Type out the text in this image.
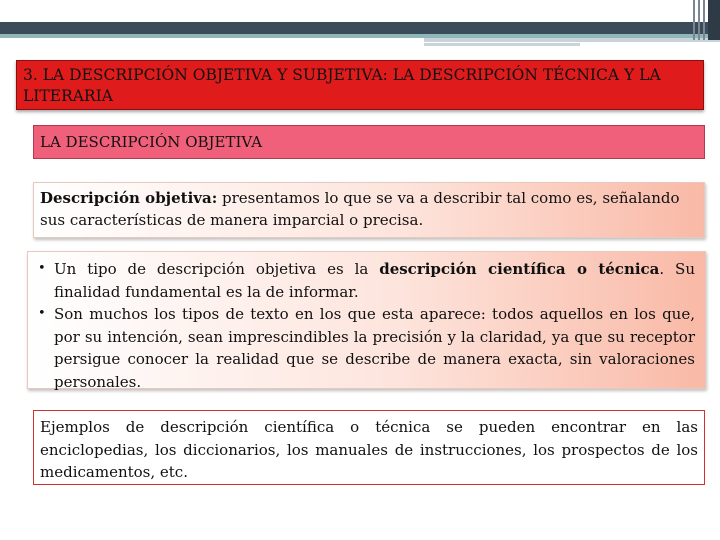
3. LA DESCRIPCIÓN OBJETIVA Y SUBJETIVA: LA DESCRIPCIÓN TÉCNICA Y LA LITERARIA
LA DESCRIPCIÓN OBJETIVA
Descripción objetiva: presentamos lo que se va a describir tal como es, señalando sus características de manera imparcial o precisa.
• Un tipo de descripción objetiva es la descripción científica o técnica. Su finalidad fundamental es la de informar.
• Son muchos los tipos de texto en los que esta aparece: todos aquellos en los que, por su intención, sean imprescindibles la precisión y la claridad, ya que su receptor persigue conocer la realidad que se describe de manera exacta, sin valoraciones personales.
Ejemplos de descripción científica o técnica se pueden encontrar en las enciclopedias, los diccionarios, los manuales de instrucciones, los prospectos de los medicamentos, etc.
